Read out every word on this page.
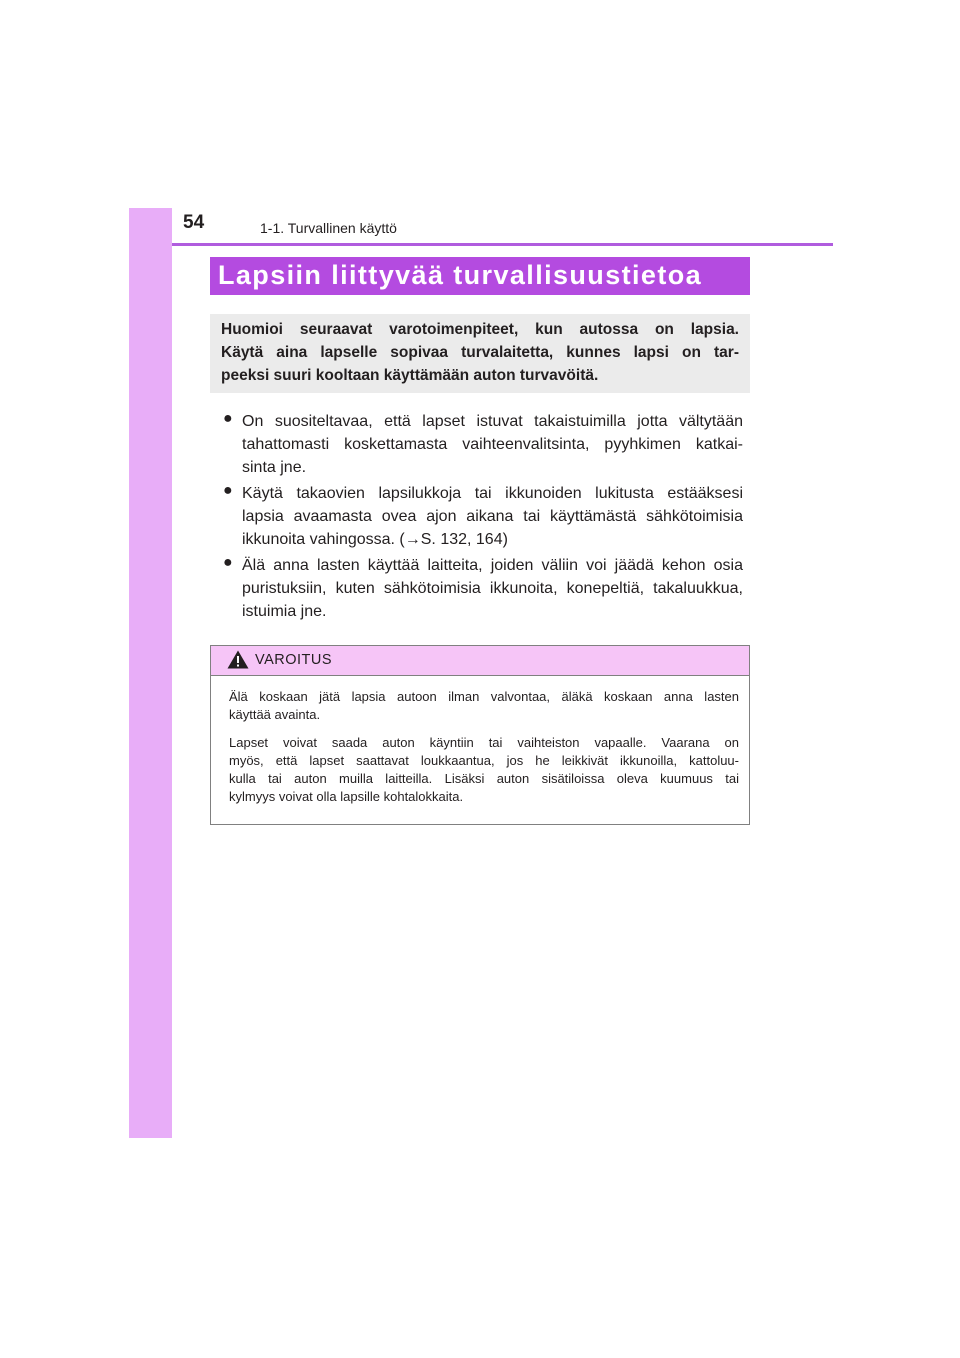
54	1-1. Turvallinen käyttö
Lapsiin liittyvää turvallisuustietoa
Huomioi seuraavat varotoimenpiteet, kun autossa on lapsia.
Käytä aina lapselle sopivaa turvalaitetta, kunnes lapsi on tar-
peeksi suuri kooltaan käyttämään auton turvavöitä.
● On suositeltavaa, että lapset istuvat takaistuimilla jotta vältytään
tahattomasti koskettamasta vaihteenvalitsinta, pyyhkimen katkai-
sinta jne.
● Käytä takaovien lapsilukkoja tai ikkunoiden lukitusta estääksesi
lapsia avaamasta ovea ajon aikana tai käyttämästä sähkötoimisia
ikkunoita vahingossa. (→S. 132, 164)
● Älä anna lasten käyttää laitteita, joiden väliin voi jäädä kehon osia
puristuksiin, kuten sähkötoimisia ikkunoita, konepeltiä, takaluukkua,
istuimia jne.
VAROITUS
Älä koskaan jätä lapsia autoon ilman valvontaa, äläkä koskaan anna lasten
käyttää avainta.
Lapset voivat saada auton käyntiin tai vaihteiston vapaalle. Vaarana on
myös, että lapset saattavat loukkaantua, jos he leikkivät ikkunoilla, kattoluu-
kulla tai auton muilla laitteilla. Lisäksi auton sisätiloissa oleva kuumuus tai
kylmyys voivat olla lapsille kohtalokkaita.
